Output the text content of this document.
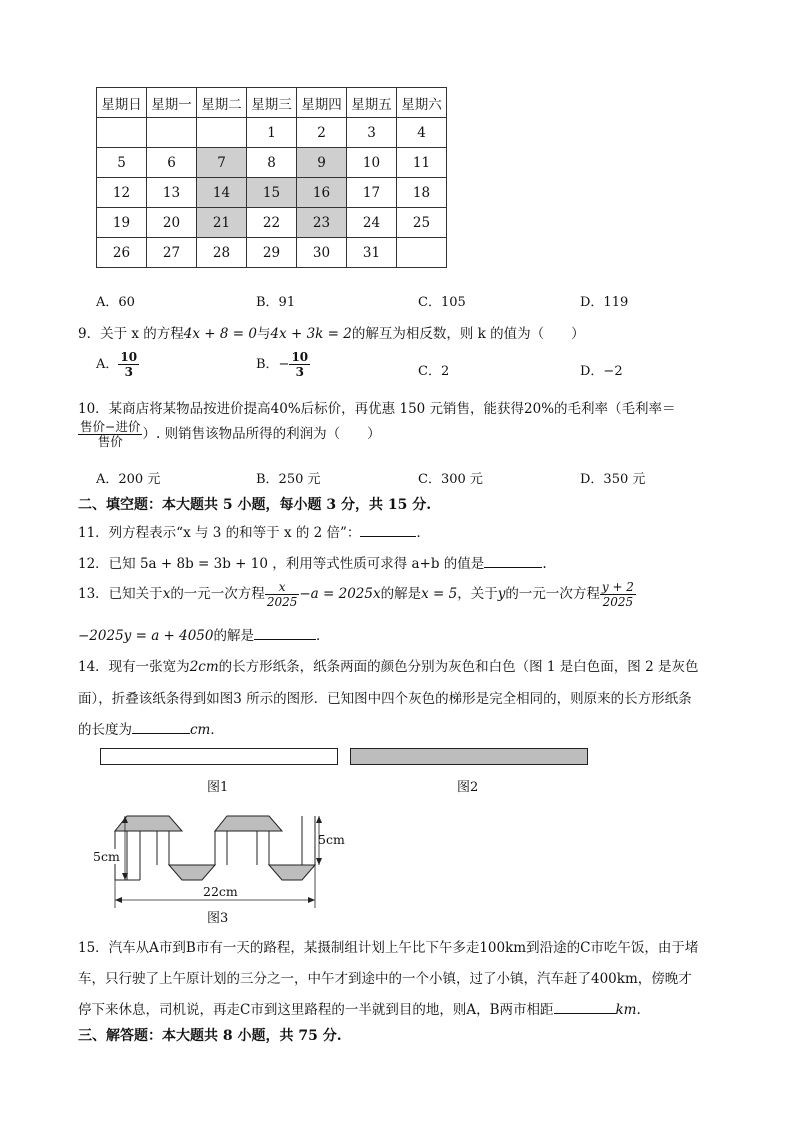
星期日	星期一	星期二	星期三	星期四	星期五	星期六
			1	2	3	4
5	6	7	8	9	10	11
12	13	14	15	16	17	18
19	20	21	22	23	24	25
26	27	28	29	30	31	
A．60	B．91	C．105	D．119
9．关于 x 的方程4x + 8 = 0与4x + 3k = 2的解互为相反数，则 k 的值为（　　）
A． $\frac{10}{3}$	B．− $\frac{10}{3}$	C．2	D．−2
10．某商店将某物品按进价提高40%后标价，再优惠 150 元销售，能获得20%的毛利率（毛利率＝
$\frac{\text{售价−进价}}{\text{售价}}$ ）. 则销售该物品所得的利润为（　　）
A．200 元	B．250 元	C．300 元	D．350 元
二、填空题：本大题共 5 小题，每小题 3 分，共 15 分.
11．列方程表示“x 与 3 的和等于 x 的 2 倍”：	．
12．已知 5a + 8b = 3b + 10 ，利用等式性质可求得 a+b 的值是	.
13．已知关于x的一元一次方程 $\frac{x}{2025} -a = 2025x$的解是x = 5，关于y的一元一次方程 $\frac{y + 2}{2025}$
−2025y = a + 4050的解是	．
14．现有一张宽为2cm的长方形纸条，纸条两面的颜色分别为灰色和白色（图 1 是白色面，图 2 是灰色
面），折叠该纸条得到如图3 所示的图形．已知图中四个灰色的梯形是完全相同的，则原来的长方形纸条
的长度为	cm．
图1	图2
5cm
5cm
22cm
图3
15．汽车从A市到B市有一天的路程，某摄制组计划上午比下午多走100km到沿途的C市吃午饭，由于堵
车，只行驶了上午原计划的三分之一，中午才到途中的一个小镇，过了小镇，汽车赶了400km，傍晚才
停下来休息，司机说，再走C市到这里路程的一半就到目的地，则A，B两市相距	km.
三、解答题：本大题共 8 小题，共 75 分.
